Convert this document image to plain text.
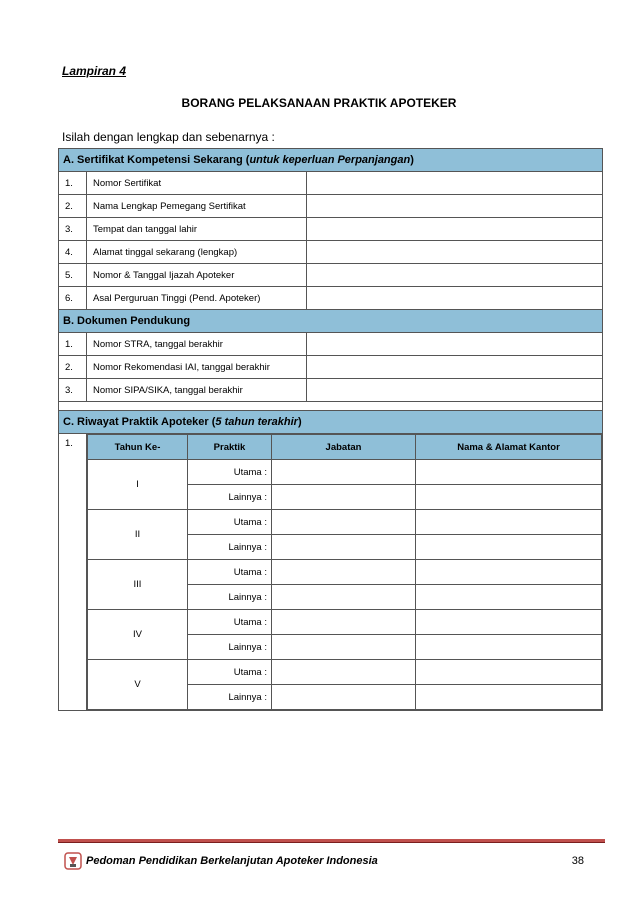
Lampiran 4
BORANG PELAKSANAAN PRAKTIK APOTEKER
Isilah dengan lengkap dan sebenarnya :
A. Sertifikat Kompetensi Sekarang (untuk keperluan Perpanjangan)
1.	Nomor Sertifikat	
2.	Nama Lengkap Pemegang Sertifikat	
3.	Tempat dan tanggal lahir	
4.	Alamat tinggal sekarang (lengkap)	
5.	Nomor & Tanggal Ijazah Apoteker	
6.	Asal Perguruan Tinggi (Pend. Apoteker)	
B. Dokumen Pendukung
1.	Nomor STRA, tanggal berakhir	
2.	Nomor Rekomendasi IAI, tanggal berakhir	
3.	Nomor SIPA/SIKA, tanggal berakhir	

C. Riwayat Praktik Apoteker (5 tahun terakhir)
1.		Tahun Ke-	Praktik	Jabatan	Nama & Alamat Kantor
I	Utama :		
Lainnya :		
II	Utama :		
Lainnya :		
III	Utama :		
Lainnya :		
IV	Utama :		
Lainnya :		
V	Utama :		
Lainnya :		
Pedoman Pendidikan Berkelanjutan Apoteker Indonesia	38
